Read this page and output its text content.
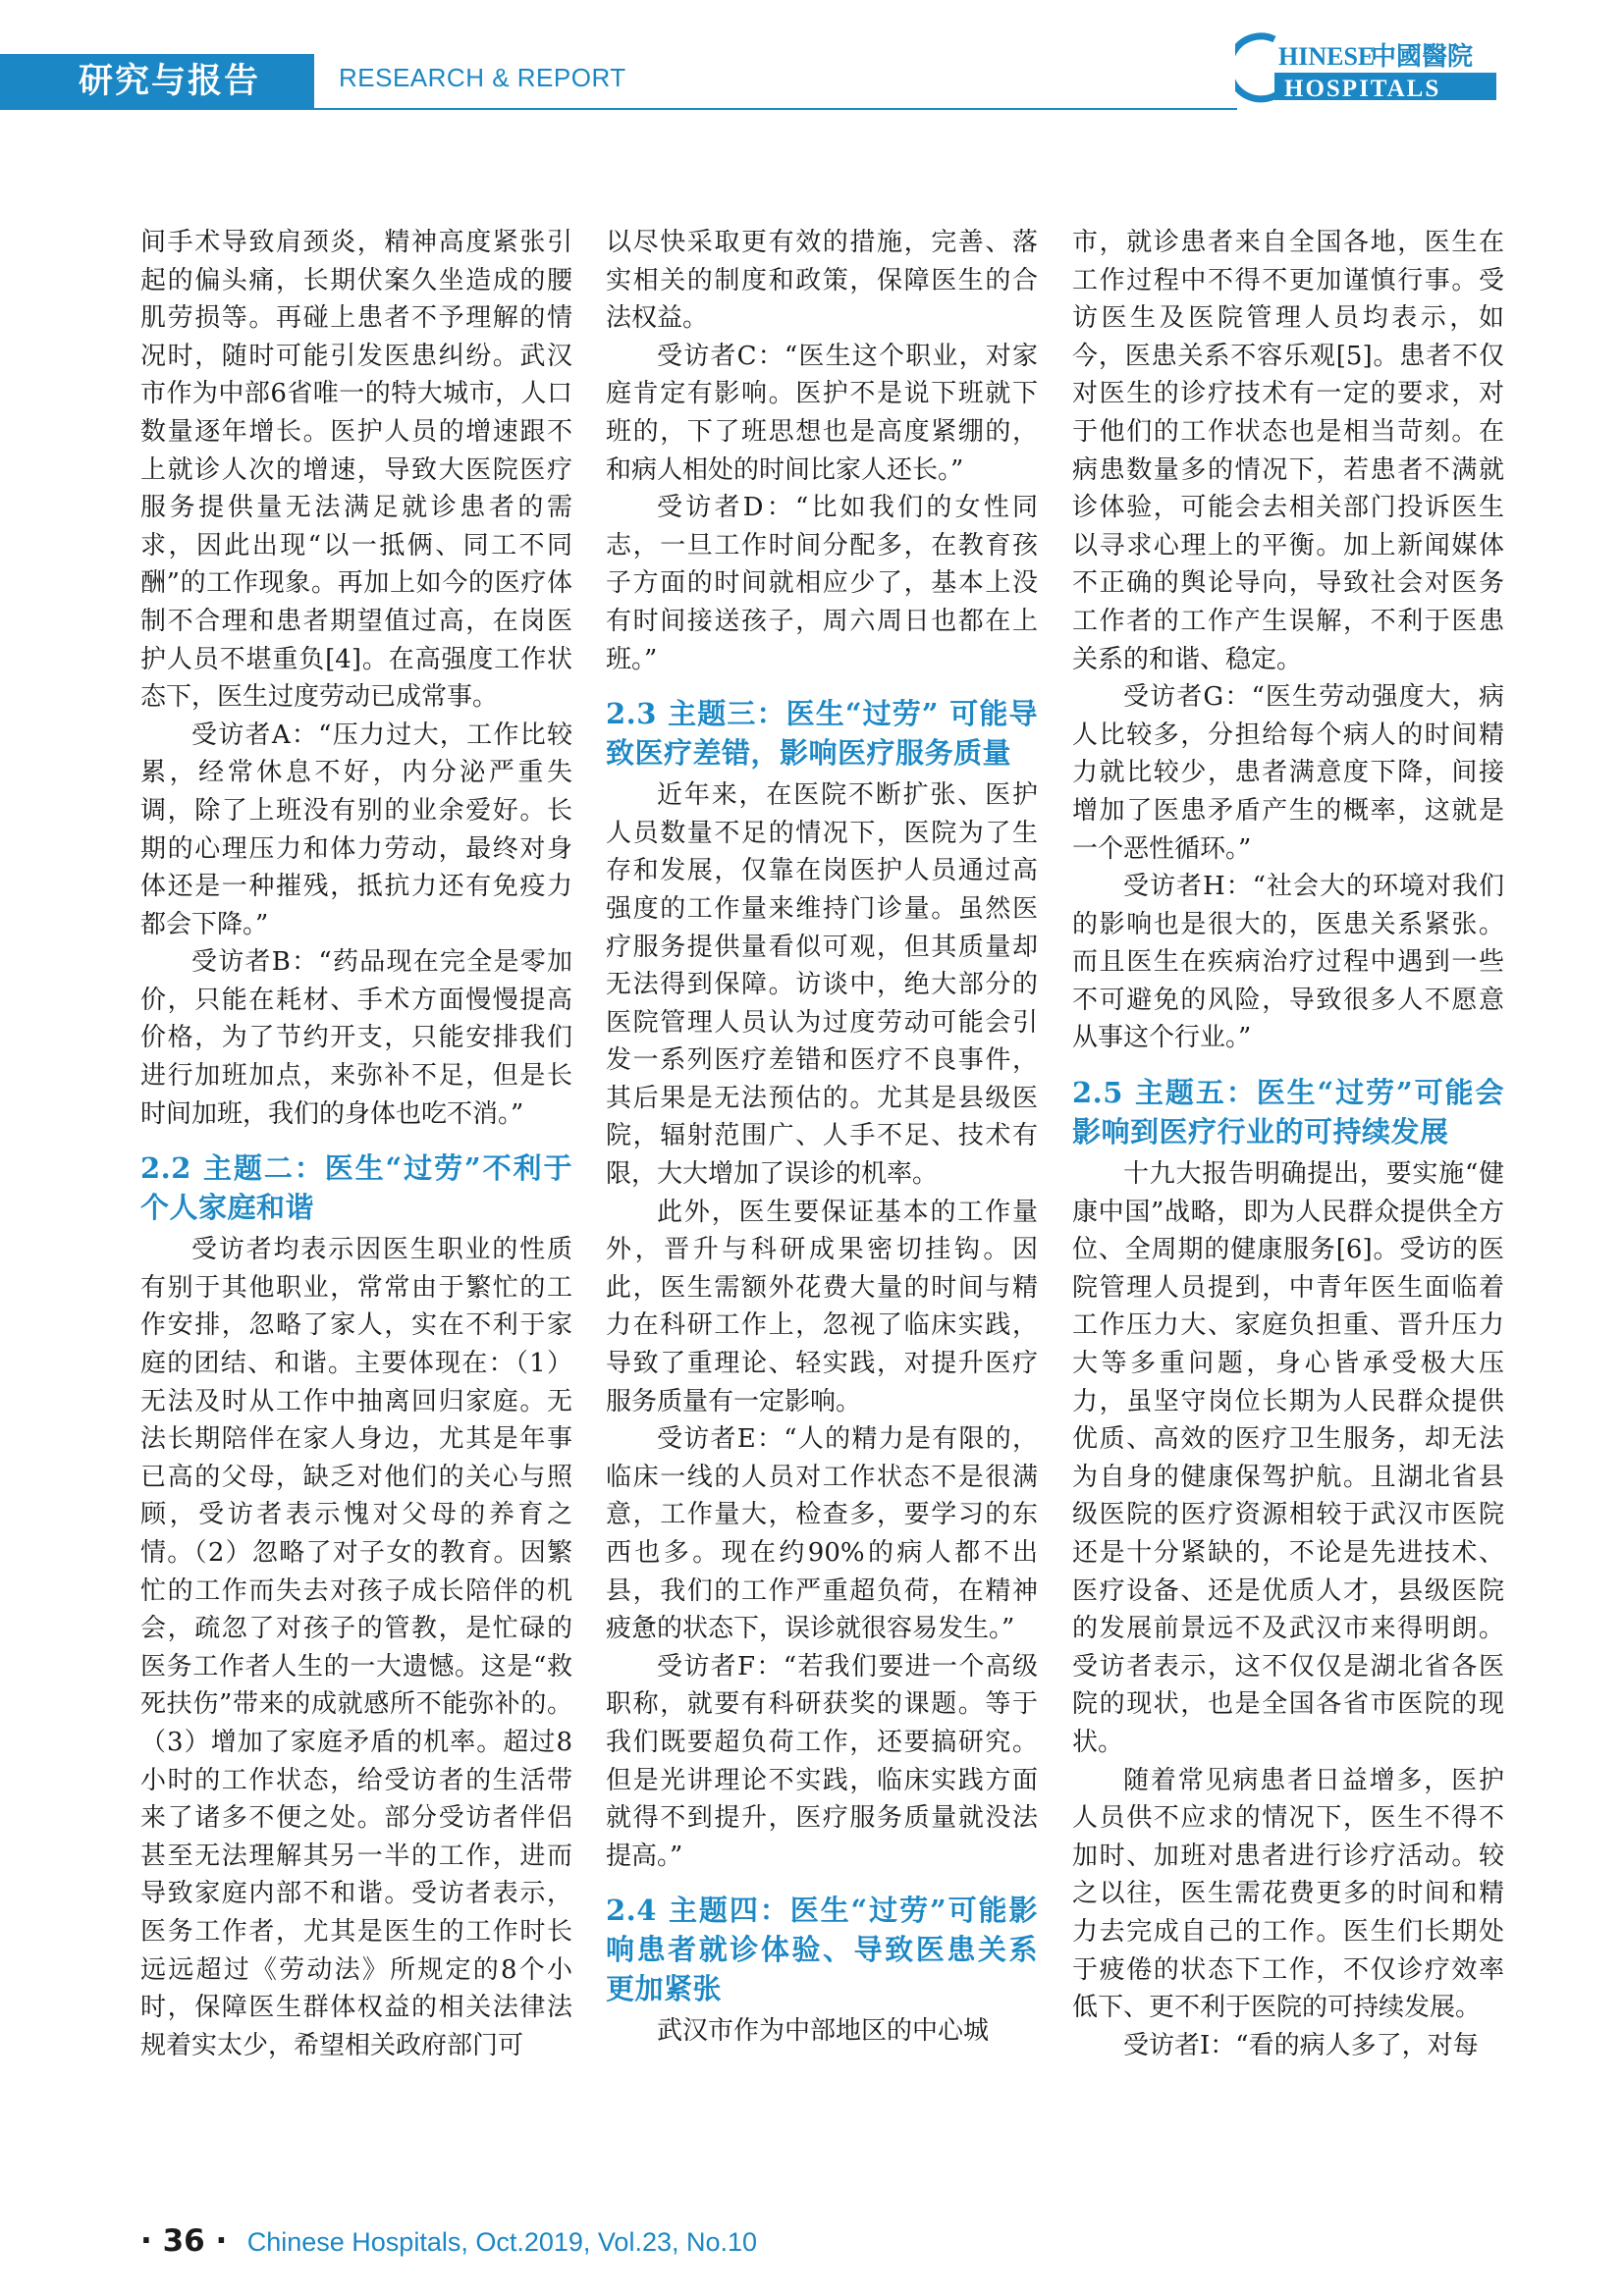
研究与报告	RESEARCH & REPORT
HINESE
中國醫院
HOSPITALS

间手术导致肩颈炎，精神高度紧张引起的偏头痛，长期伏案久坐造成的腰肌劳损等。再碰上患者不予理解的情况时，随时可能引发医患纠纷。武汉市作为中部6省唯一的特大城市，人口数量逐年增长。医护人员的增速跟不上就诊人次的增速，导致大医院医疗服务提供量无法满足就诊患者的需求，因此出现“以一抵俩、同工不同酬”的工作现象。再加上如今的医疗体制不合理和患者期望值过高，在岗医护人员不堪重负[4]。在高强度工作状态下，医生过度劳动已成常事。

受访者A：“压力过大，工作比较累，经常休息不好，内分泌严重失调，除了上班没有别的业余爱好。长期的心理压力和体力劳动，最终对身体还是一种摧残，抵抗力还有免疫力都会下降。”

受访者B：“药品现在完全是零加价，只能在耗材、手术方面慢慢提高价格，为了节约开支，只能安排我们进行加班加点，来弥补不足，但是长时间加班，我们的身体也吃不消。”

2.2 主题二：医生“过劳”不利于个人家庭和谐

受访者均表示因医生职业的性质有别于其他职业，常常由于繁忙的工作安排，忽略了家人，实在不利于家庭的团结、和谐。主要体现在：（1）无法及时从工作中抽离回归家庭。无法长期陪伴在家人身边，尤其是年事已高的父母，缺乏对他们的关心与照顾，受访者表示愧对父母的养育之情。（2）忽略了对子女的教育。因繁忙的工作而失去对孩子成长陪伴的机会，疏忽了对孩子的管教，是忙碌的医务工作者人生的一大遗憾。这是“救死扶伤”带来的成就感所不能弥补的。（3）增加了家庭矛盾的机率。超过8小时的工作状态，给受访者的生活带来了诸多不便之处。部分受访者伴侣甚至无法理解其另一半的工作，进而导致家庭内部不和谐。受访者表示，医务工作者，尤其是医生的工作时长远远超过《劳动法》所规定的8个小时，保障医生群体权益的相关法律法规着实太少，希望相关政府部门可

以尽快采取更有效的措施，完善、落实相关的制度和政策，保障医生的合法权益。

受访者C：“医生这个职业，对家庭肯定有影响。医护不是说下班就下班的，下了班思想也是高度紧绷的，和病人相处的时间比家人还长。”

受访者D：“比如我们的女性同志，一旦工作时间分配多，在教育孩子方面的时间就相应少了，基本上没有时间接送孩子，周六周日也都在上班。”

2.3 主题三：医生“过劳” 可能导致医疗差错，影响医疗服务质量

近年来，在医院不断扩张、医护人员数量不足的情况下，医院为了生存和发展，仅靠在岗医护人员通过高强度的工作量来维持门诊量。虽然医疗服务提供量看似可观，但其质量却无法得到保障。访谈中，绝大部分的医院管理人员认为过度劳动可能会引发一系列医疗差错和医疗不良事件，其后果是无法预估的。尤其是县级医院，辐射范围广、人手不足、技术有限，大大增加了误诊的机率。

此外，医生要保证基本的工作量外，晋升与科研成果密切挂钩。因此，医生需额外花费大量的时间与精力在科研工作上，忽视了临床实践，导致了重理论、轻实践，对提升医疗服务质量有一定影响。

受访者E：“人的精力是有限的，临床一线的人员对工作状态不是很满意，工作量大，检查多，要学习的东西也多。现在约90%的病人都不出县，我们的工作严重超负荷，在精神疲惫的状态下，误诊就很容易发生。”

受访者F：“若我们要进一个高级职称，就要有科研获奖的课题。等于我们既要超负荷工作，还要搞研究。但是光讲理论不实践，临床实践方面就得不到提升，医疗服务质量就没法提高。”

2.4 主题四：医生“过劳”可能影响患者就诊体验、导致医患关系更加紧张

武汉市作为中部地区的中心城

市，就诊患者来自全国各地，医生在工作过程中不得不更加谨慎行事。受访医生及医院管理人员均表示，如今，医患关系不容乐观[5]。患者不仅对医生的诊疗技术有一定的要求，对于他们的工作状态也是相当苛刻。在病患数量多的情况下，若患者不满就诊体验，可能会去相关部门投诉医生以寻求心理上的平衡。加上新闻媒体不正确的舆论导向，导致社会对医务工作者的工作产生误解，不利于医患关系的和谐、稳定。

受访者G：“医生劳动强度大，病人比较多，分担给每个病人的时间精力就比较少，患者满意度下降，间接增加了医患矛盾产生的概率，这就是一个恶性循环。”

受访者H：“社会大的环境对我们的影响也是很大的，医患关系紧张。而且医生在疾病治疗过程中遇到一些不可避免的风险，导致很多人不愿意从事这个行业。”

2.5 主题五：医生“过劳”可能会影响到医疗行业的可持续发展

十九大报告明确提出，要实施“健康中国”战略，即为人民群众提供全方位、全周期的健康服务[6]。受访的医院管理人员提到，中青年医生面临着工作压力大、家庭负担重、晋升压力大等多重问题，身心皆承受极大压力，虽坚守岗位长期为人民群众提供优质、高效的医疗卫生服务，却无法为自身的健康保驾护航。且湖北省县级医院的医疗资源相较于武汉市医院还是十分紧缺的，不论是先进技术、医疗设备、还是优质人才，县级医院的发展前景远不及武汉市来得明朗。受访者表示，这不仅仅是湖北省各医院的现状，也是全国各省市医院的现状。

随着常见病患者日益增多，医护人员供不应求的情况下，医生不得不加时、加班对患者进行诊疗活动。较之以往，医生需花费更多的时间和精力去完成自己的工作。医生们长期处于疲倦的状态下工作，不仅诊疗效率低下、更不利于医院的可持续发展。

受访者I：“看的病人多了，对每

· 36 · Chinese Hospitals, Oct.2019, Vol.23, No.10
